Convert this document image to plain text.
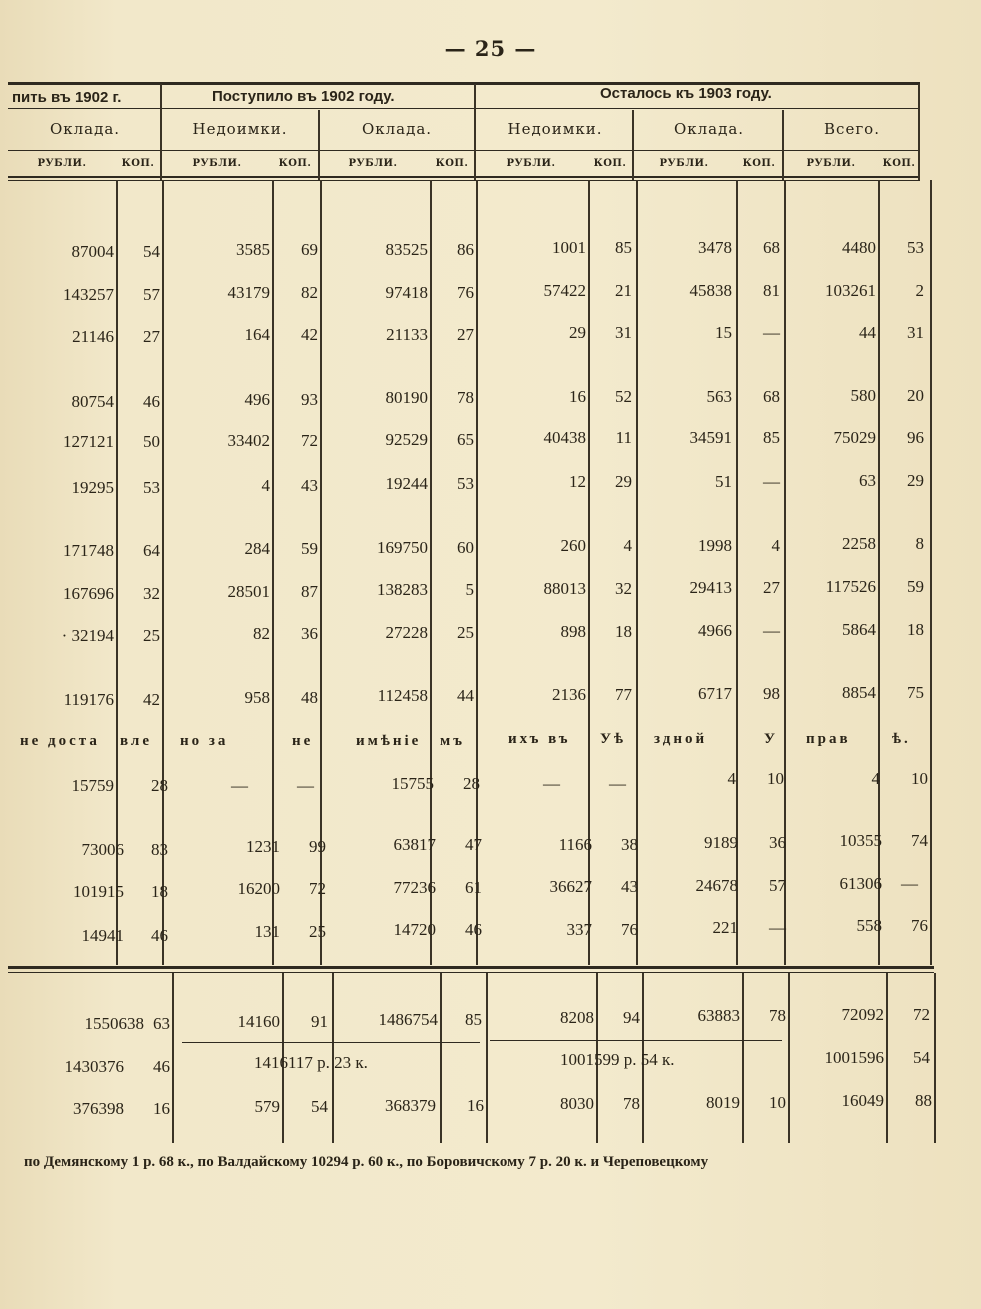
— 25 —
пить въ 1902 г.	Поступило въ 1902 году.	Осталось къ 1903 году.
Оклада.	Недоимки.	Оклада.	Недоимки.	Оклада.	Всего.
РУБЛИ.	КОП.	РУБЛИ.	КОП.	РУБЛИ.	КОП.	РУБЛИ.	КОП.	РУБЛИ.	КОП.	РУБЛИ.	КОП.
87004 54	3585 69	83525 86	1001 85	3478 68	4480 53
143257 57	43179 82	97418 76	57422 21	45838 81	103261 2
21146 27	164 42	21133 27	29 31	15 —	44 31
80754 46	496 93	80190 78	16 52	563 68	580 20
127121 50	33402 72	92529 65	40438 11	34591 85	75029 96
19295 53	4 43	19244 53	12 29	51 —	63 29
171748 64	284 59	169750 60	260 4	1998 4	2258 8
167696 32	28501 87	138283 5	88013 32	29413 27	117526 59
· 32194 25	82 36	27228 25	898 18	4966 —	5864 18
119176 42	958 48	112458 44	2136 77	6717 98	8854 75
не доста вле но за	не	имѣніе мъ	ихъ въ Уѣ здной	У прав	ѣ.
15759 28	—	—	15755 28	—	—	4 10	4 10
73006 83	1231 99	63817 47	1166 38	9189 36	10355 74
101915 18	16200 72	77236 61	36627 43	24678 57	61306 —
14941 46	131 25	14720 46	337 76	221 —	558 76
1550638 63	14160 91	1486754 85	8208 94	63883 78	72092 72
1430376 46	1416117 р. 23 к.	1001599 р. 54 к.	1001596 54
376398 16	579 54	368379 16	8030 78	8019 10	16049 88
по Демянскому 1 р. 68 к., по Валдайскому 10294 р. 60 к., по Боровичскому 7 р. 20 к. и Череповецкому
